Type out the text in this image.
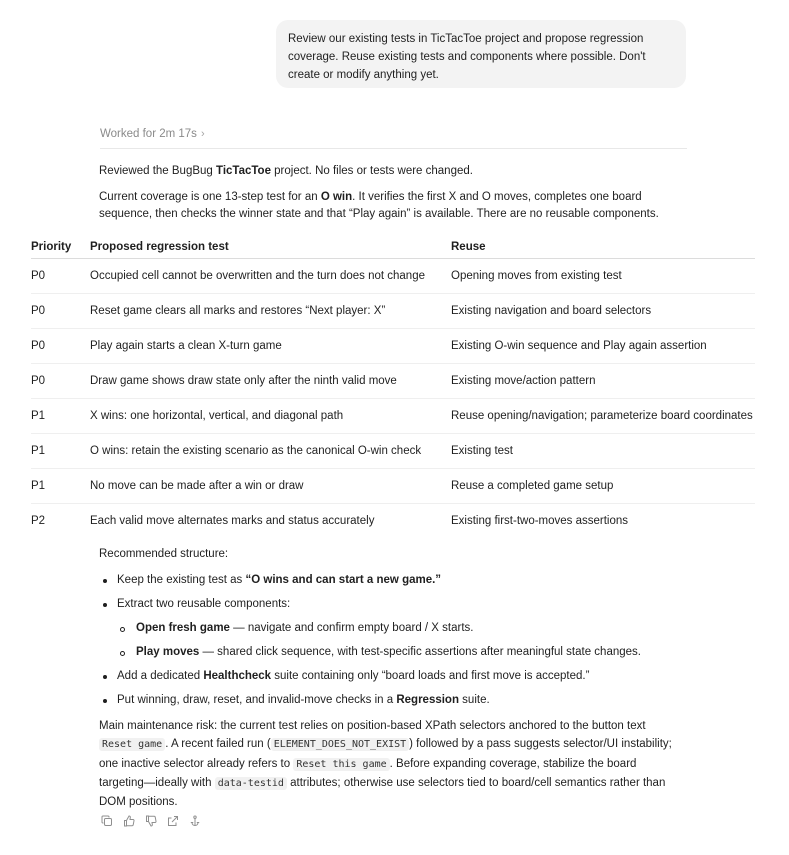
Review our existing tests in TicTacToe project and propose regression coverage. Reuse existing tests and components where possible. Don't create or modify anything yet.
Worked for 2m 17s ›
Reviewed the BugBug TicTacToe project. No files or tests were changed.
Current coverage is one 13-step test for an O win. It verifies the first X and O moves, completes one board sequence, then checks the winner state and that “Play again” is available. There are no reusable components.
Priority	Proposed regression test	Reuse
P0	Occupied cell cannot be overwritten and the turn does not change	Opening moves from existing test
P0	Reset game clears all marks and restores “Next player: X”	Existing navigation and board selectors
P0	Play again starts a clean X-turn game	Existing O-win sequence and Play again assertion
P0	Draw game shows draw state only after the ninth valid move	Existing move/action pattern
P1	X wins: one horizontal, vertical, and diagonal path	Reuse opening/navigation; parameterize board coordinates
P1	O wins: retain the existing scenario as the canonical O-win check	Existing test
P1	No move can be made after a win or draw	Reuse a completed game setup
P2	Each valid move alternates marks and status accurately	Existing first-two-moves assertions
Recommended structure:
Keep the existing test as “O wins and can start a new game.”
Extract two reusable components:
Open fresh game — navigate and confirm empty board / X starts.
Play moves — shared click sequence, with test-specific assertions after meaningful state changes.
Add a dedicated Healthcheck suite containing only “board loads and first move is accepted.”
Put winning, draw, reset, and invalid-move checks in a Regression suite.
Main maintenance risk: the current test relies on position-based XPath selectors anchored to the button text Reset game . A recent failed run ( ELEMENT_DOES_NOT_EXIST ) followed by a pass suggests selector/UI instability; one inactive selector already refers to Reset this game . Before expanding coverage, stabilize the board targeting—ideally with data-testid attributes; otherwise use selectors tied to board/cell semantics rather than DOM positions.
